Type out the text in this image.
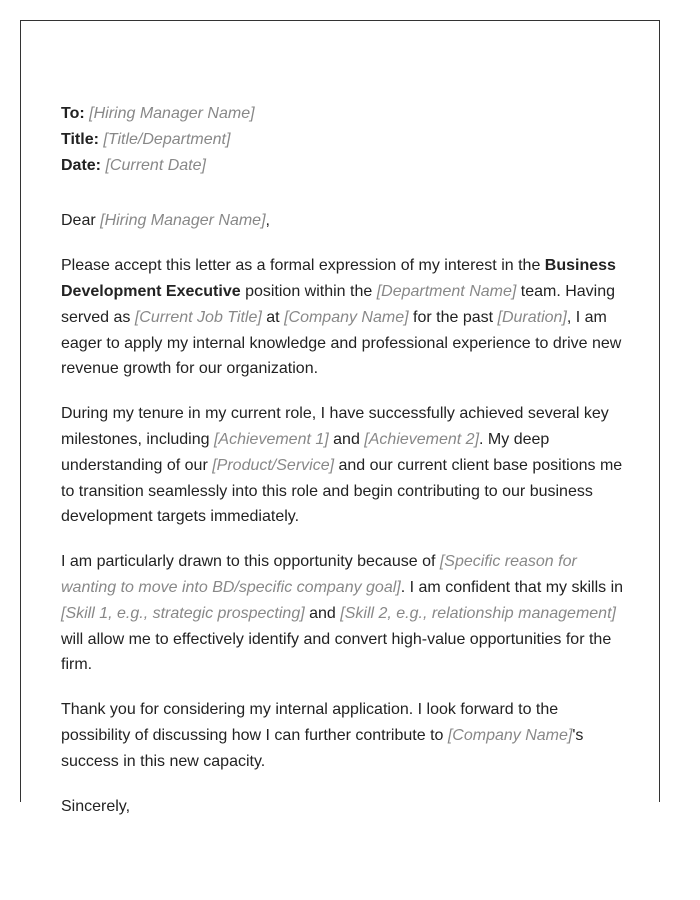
To: [Hiring Manager Name]

Title: [Title/Department]

Date: [Current Date]

Dear [Hiring Manager Name],

Please accept this letter as a formal expression of my interest in the Business Development Executive position within the [Department Name] team. Having served as [Current Job Title] at [Company Name] for the past [Duration], I am eager to apply my internal knowledge and professional experience to drive new revenue growth for our organization.

During my tenure in my current role, I have successfully achieved several key milestones, including [Achievement 1] and [Achievement 2]. My deep understanding of our [Product/Service] and our current client base positions me to transition seamlessly into this role and begin contributing to our business development targets immediately.

I am particularly drawn to this opportunity because of [Specific reason for wanting to move into BD/specific company goal]. I am confident that my skills in [Skill 1, e.g., strategic prospecting] and [Skill 2, e.g., relationship management] will allow me to effectively identify and convert high-value opportunities for the firm.

Thank you for considering my internal application. I look forward to the possibility of discussing how I can further contribute to [Company Name]'s success in this new capacity.

Sincerely,
